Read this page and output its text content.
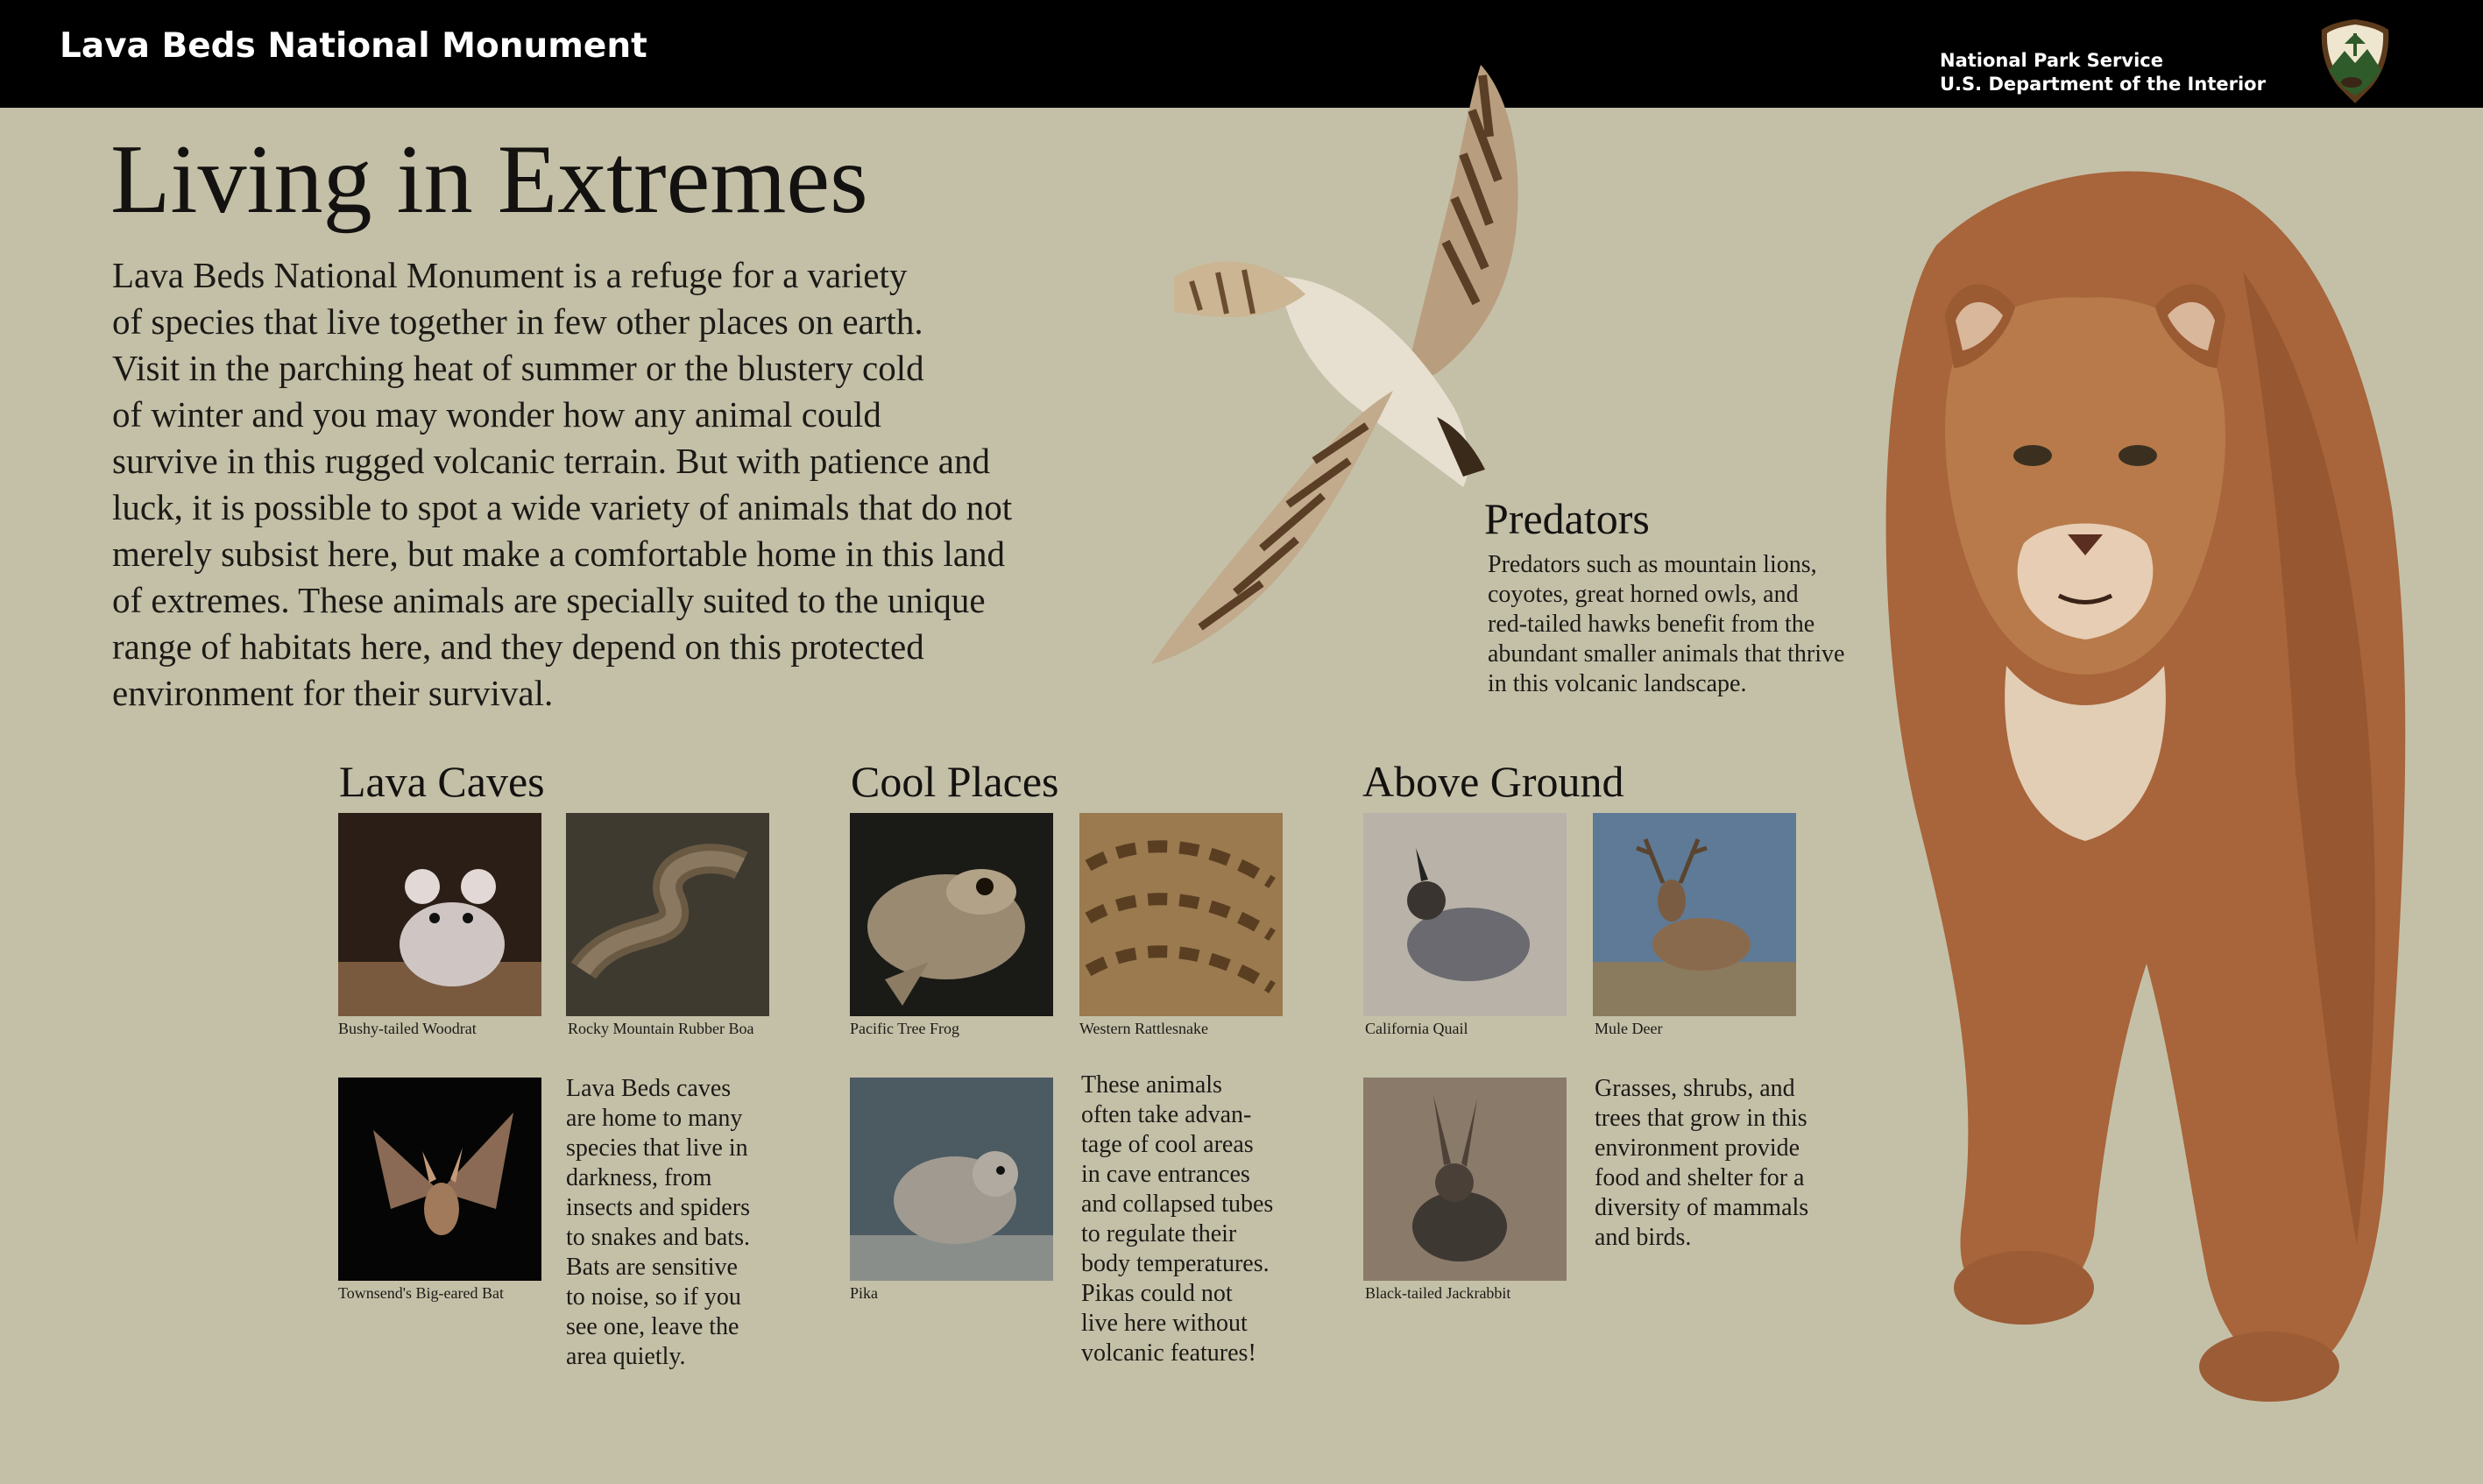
Lava Beds National Monument	National Park Service
U.S. Department of the Interior
Living in Extremes
Lava Beds National Monument is a refuge for a variety
of species that live together in few other places on earth.
Visit in the parching heat of summer or the blustery cold
of winter and you may wonder how any animal could
survive in this rugged volcanic terrain. But with patience and
luck, it is possible to spot a wide variety of animals that do not
merely subsist here, but make a comfortable home in this land
of extremes. These animals are specially suited to the unique
range of habitats here, and they depend on this protected
environment for their survival.
Predators
Predators such as mountain lions,
coyotes, great horned owls, and
red-tailed hawks benefit from the
abundant smaller animals that thrive
in this volcanic landscape.
Lava Caves
Bushy-tailed Woodrat	Rocky Mountain Rubber Boa
Townsend's Big-eared Bat
Lava Beds caves
are home to many
species that live in
darkness, from
insects and spiders
to snakes and bats.
Bats are sensitive
to noise, so if you
see one, leave the
area quietly.
Cool Places
Pacific Tree Frog	Western Rattlesnake
Pika
These animals
often take advan-
tage of cool areas
in cave entrances
and collapsed tubes
to regulate their
body temperatures.
Pikas could not
live here without
volcanic features!
Above Ground
California Quail	Mule Deer
Black-tailed Jackrabbit
Grasses, shrubs, and
trees that grow in this
environment provide
food and shelter for a
diversity of mammals
and birds.
